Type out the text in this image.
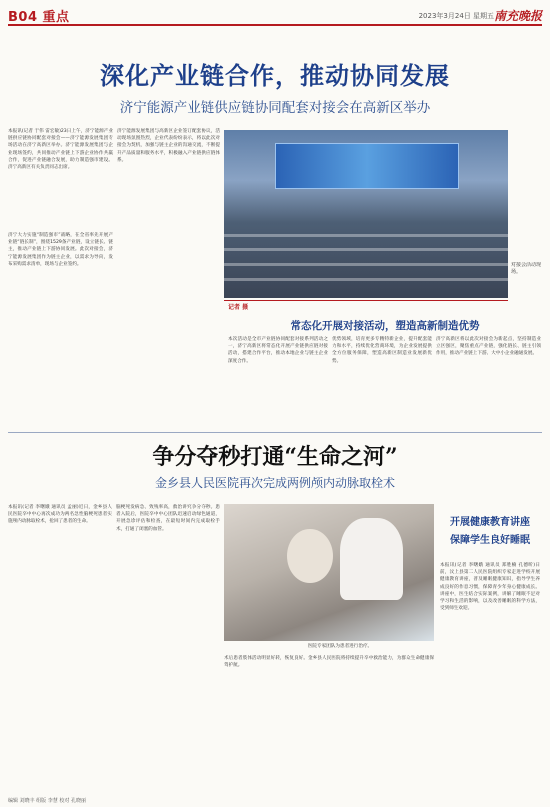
B04 重点	2023年3月24日 星期五 南充晚报
深化产业链合作，推动协同发展
济宁能源产业链供应链协同配套对接会在高新区举办
本报讯(记者 于伟 雷宏敏)23日上午，济宁能源产业链供应链协同配套对接会——济宁能源发展集团专场活动在济宁高新区举办。济宁能源发展集团与企业现场签约，共同推动产业链上下游企业协作共赢合作，促进产业链融合发展，助力制造强市建设。济宁高新区有关负责同志出席。
济宁大力实施“制造强市”战略，在全省率先开展产业链“链长制”，围绕1529条产业链，设立链长、链主，推动产业链上下游协同发展。此次对接会，济宁能源发展集团作为链主企业，以需求为导向，发布采购需求清单，现场与企业签约。
济宁能源发展集团与高新区企业签订配套协议，活动现场氛围热烈，企业代表纷纷表示，将以此次对接会为契机，加强与链主企业的沟通交流，不断提升产品质量和服务水平，积极融入产业链供应链体系。
对接会活动现场。
记者 摄
常态化开展对接活动，塑造高新制造优势
本次活动是全市产业链协同配套对接系列活动之一，济宁高新区将常态化开展产业链供应链对接活动，搭建合作平台，推动本地企业与链主企业深度合作。
优势领域，培育更多专精特新企业，提升配套能力和水平，持续优化营商环境，为企业发展提供全方位服务保障，塑造高新区制造业发展新优势。
济宁高新区将以此次对接会为新起点，坚持制造业立区强区，聚焦重点产业链，强化链长、链主引领作用，推动产业链上下游、大中小企业融通发展。
争分夺秒打通“生命之河”
金乡县人民医院再次完成两例颅内动脉取栓术
本报讯(记者 李曙娥 通讯员 孟丽)近日，金乡县人民医院卒中中心再次成功为两名急性脑梗死患者实施颅内动脉取栓术，抢回了患者的生命。
脑梗死发病急、致残率高，救治讲究争分夺秒。患者入院后，医院卒中中心团队迅速启动绿色通道，开展急诊评估和检查，在最短时间内完成取栓手术，打通了闭塞的血管。
医院专家团队为患者进行治疗。
术后患者肢体活动明显好转，恢复良好。金乡县人民医院将持续提升卒中救治能力，为群众生命健康保驾护航。
开展健康教育讲座
保障学生良好睡眠
本报讯(记者 李曙娥 通讯员 郑胜楠 孔德昕)日前，汶上县第二人民医院组织专家走进学校开展健康教育讲座，普及睡眠健康知识，指导学生养成良好的作息习惯，保障青少年身心健康成长。讲座中，医生结合实际案例，讲解了睡眠不足对学习和生活的影响，以及改善睡眠的科学方法，受到师生欢迎。
编辑 刘晓丰 组版 李慧 校对 孔晓丽
